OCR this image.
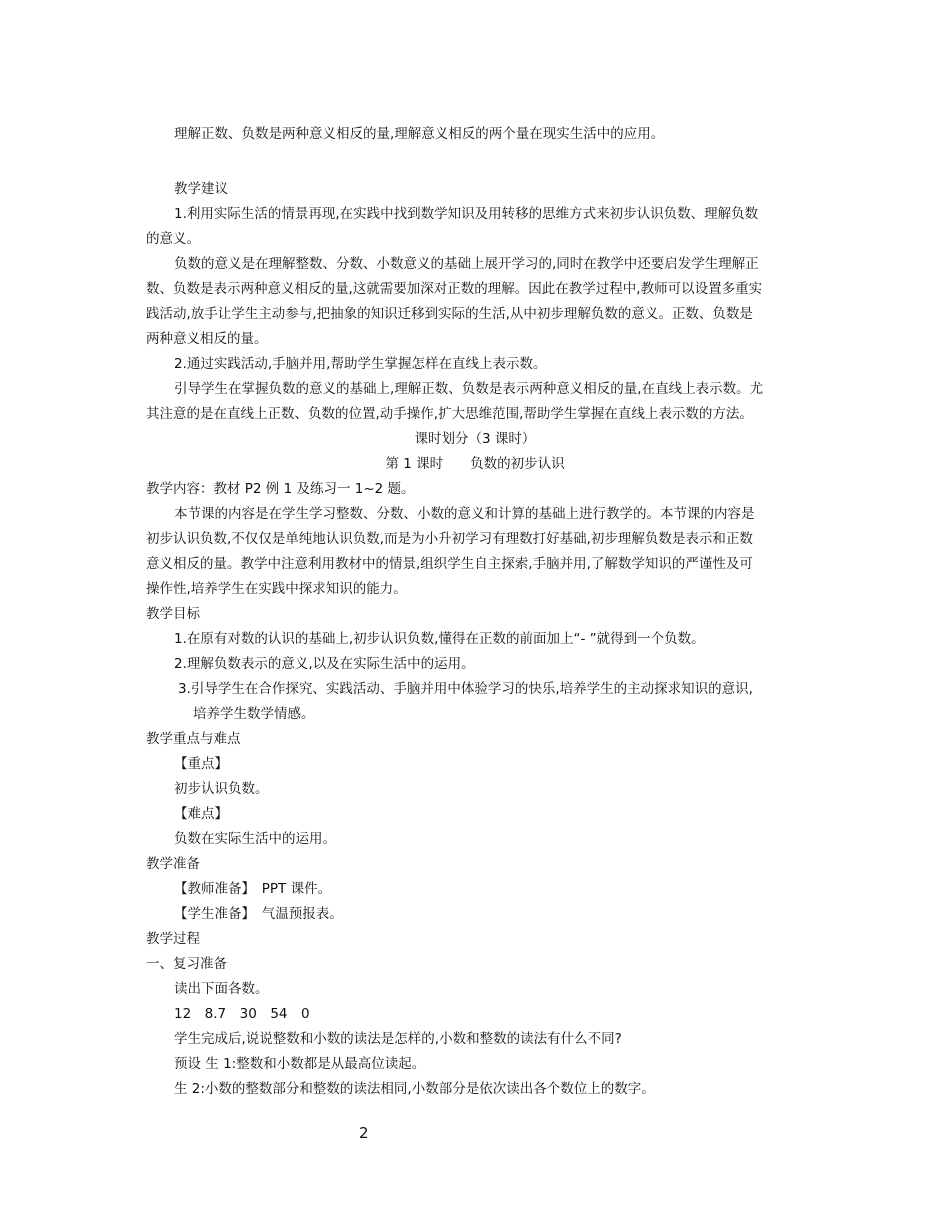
理解正数、负数是两种意义相反的量,理解意义相反的两个量在现实生活中的应用。
教学建议
1.利用实际生活的情景再现,在实践中找到数学知识及用转移的思维方式来初步认识负数、理解负数
的意义。
负数的意义是在理解整数、分数、小数意义的基础上展开学习的,同时在教学中还要启发学生理解正
数、负数是表示两种意义相反的量,这就需要加深对正数的理解。因此在教学过程中,教师可以设置多重实
践活动,放手让学生主动参与,把抽象的知识迁移到实际的生活,从中初步理解负数的意义。正数、负数是
两种意义相反的量。
2.通过实践活动,手脑并用,帮助学生掌握怎样在直线上表示数。
引导学生在掌握负数的意义的基础上,理解正数、负数是表示两种意义相反的量,在直线上表示数。尤
其注意的是在直线上正数、负数的位置,动手操作,扩大思维范围,帮助学生掌握在直线上表示数的方法。
课时划分（3 课时）
第 1 课时　　负数的初步认识
教学内容：教材 P2 例 1 及练习一 1~2 题。
本节课的内容是在学生学习整数、分数、小数的意义和计算的基础上进行教学的。本节课的内容是
初步认识负数,不仅仅是单纯地认识负数,而是为小升初学习有理数打好基础,初步理解负数是表示和正数
意义相反的量。教学中注意利用教材中的情景,组织学生自主探索,手脑并用,了解数学知识的严谨性及可
操作性,培养学生在实践中探求知识的能力。
教学目标
1.在原有对数的认识的基础上,初步认识负数,懂得在正数的前面加上“- ”就得到一个负数。
2.理解负数表示的意义,以及在实际生活中的运用。
3.引导学生在合作探究、实践活动、手脑并用中体验学习的快乐,培养学生的主动探求知识的意识,
培养学生数学情感。
教学重点与难点
【重点】
初步认识负数。
【难点】
负数在实际生活中的运用。
教学准备
【教师准备】　PPT 课件。
【学生准备】　气温预报表。
教学过程
一、复习准备
读出下面各数。
12　8.7　30　54　0
学生完成后,说说整数和小数的读法是怎样的,小数和整数的读法有什么不同?
预设 生 1:整数和小数都是从最高位读起。
生 2:小数的整数部分和整数的读法相同,小数部分是依次读出各个数位上的数字。
2
